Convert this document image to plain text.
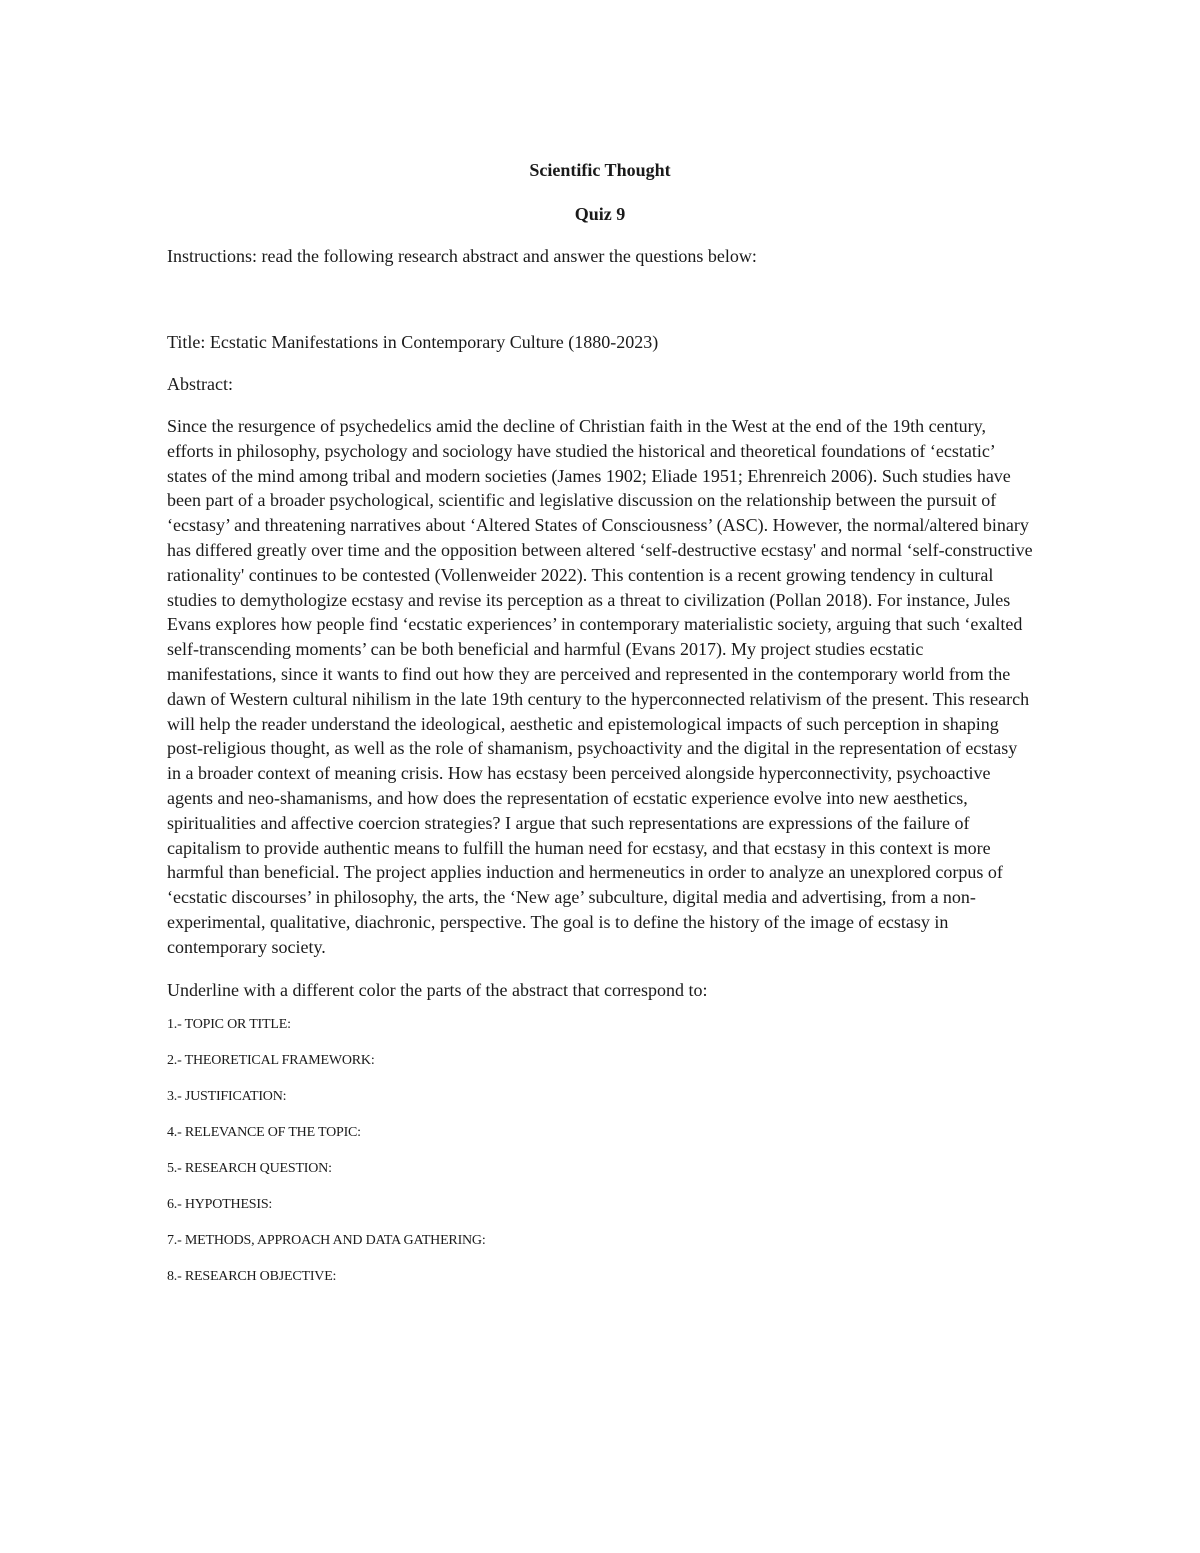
Scientific Thought

Quiz 9

Instructions: read the following research abstract and answer the questions below:

Title: Ecstatic Manifestations in Contemporary Culture (1880-2023)

Abstract:

Since the resurgence of psychedelics amid the decline of Christian faith in the West at the end of the 19th century, efforts in philosophy, psychology and sociology have studied the historical and theoretical foundations of ‘ecstatic’ states of the mind among tribal and modern societies (James 1902; Eliade 1951; Ehrenreich 2006). Such studies have been part of a broader psychological, scientific and legislative discussion on the relationship between the pursuit of ‘ecstasy’ and threatening narratives about ‘Altered States of Consciousness’ (ASC). However, the normal/altered binary has differed greatly over time and the opposition between altered ‘self-destructive ecstasy' and normal ‘self-constructive rationality' continues to be contested (Vollenweider 2022). This contention is a recent growing tendency in cultural studies to demythologize ecstasy and revise its perception as a threat to civilization (Pollan 2018). For instance, Jules Evans explores how people find ‘ecstatic experiences’ in contemporary materialistic society, arguing that such ‘exalted self-transcending moments’ can be both beneficial and harmful (Evans 2017). My project studies ecstatic manifestations, since it wants to find out how they are perceived and represented in the contemporary world from the dawn of Western cultural nihilism in the late 19th century to the hyperconnected relativism of the present. This research will help the reader understand the ideological, aesthetic and epistemological impacts of such perception in shaping post-religious thought, as well as the role of shamanism, psychoactivity and the digital in the representation of ecstasy in a broader context of meaning crisis. How has ecstasy been perceived alongside hyperconnectivity, psychoactive agents and neo-shamanisms, and how does the representation of ecstatic experience evolve into new aesthetics, spiritualities and affective coercion strategies? I argue that such representations are expressions of the failure of capitalism to provide authentic means to fulfill the human need for ecstasy, and that ecstasy in this context is more harmful than beneficial. The project applies induction and hermeneutics in order to analyze an unexplored corpus of ‘ecstatic discourses’ in philosophy, the arts, the ‘New age’ subculture, digital media and advertising, from a non-experimental, qualitative, diachronic, perspective. The goal is to define the history of the image of ecstasy in contemporary society.

Underline with a different color the parts of the abstract that correspond to:

1.- TOPIC OR TITLE:
2.- THEORETICAL FRAMEWORK:
3.- JUSTIFICATION:
4.- RELEVANCE OF THE TOPIC:
5.- RESEARCH QUESTION:
6.- HYPOTHESIS:
7.- METHODS, APPROACH AND DATA GATHERING:
8.- RESEARCH OBJECTIVE:
